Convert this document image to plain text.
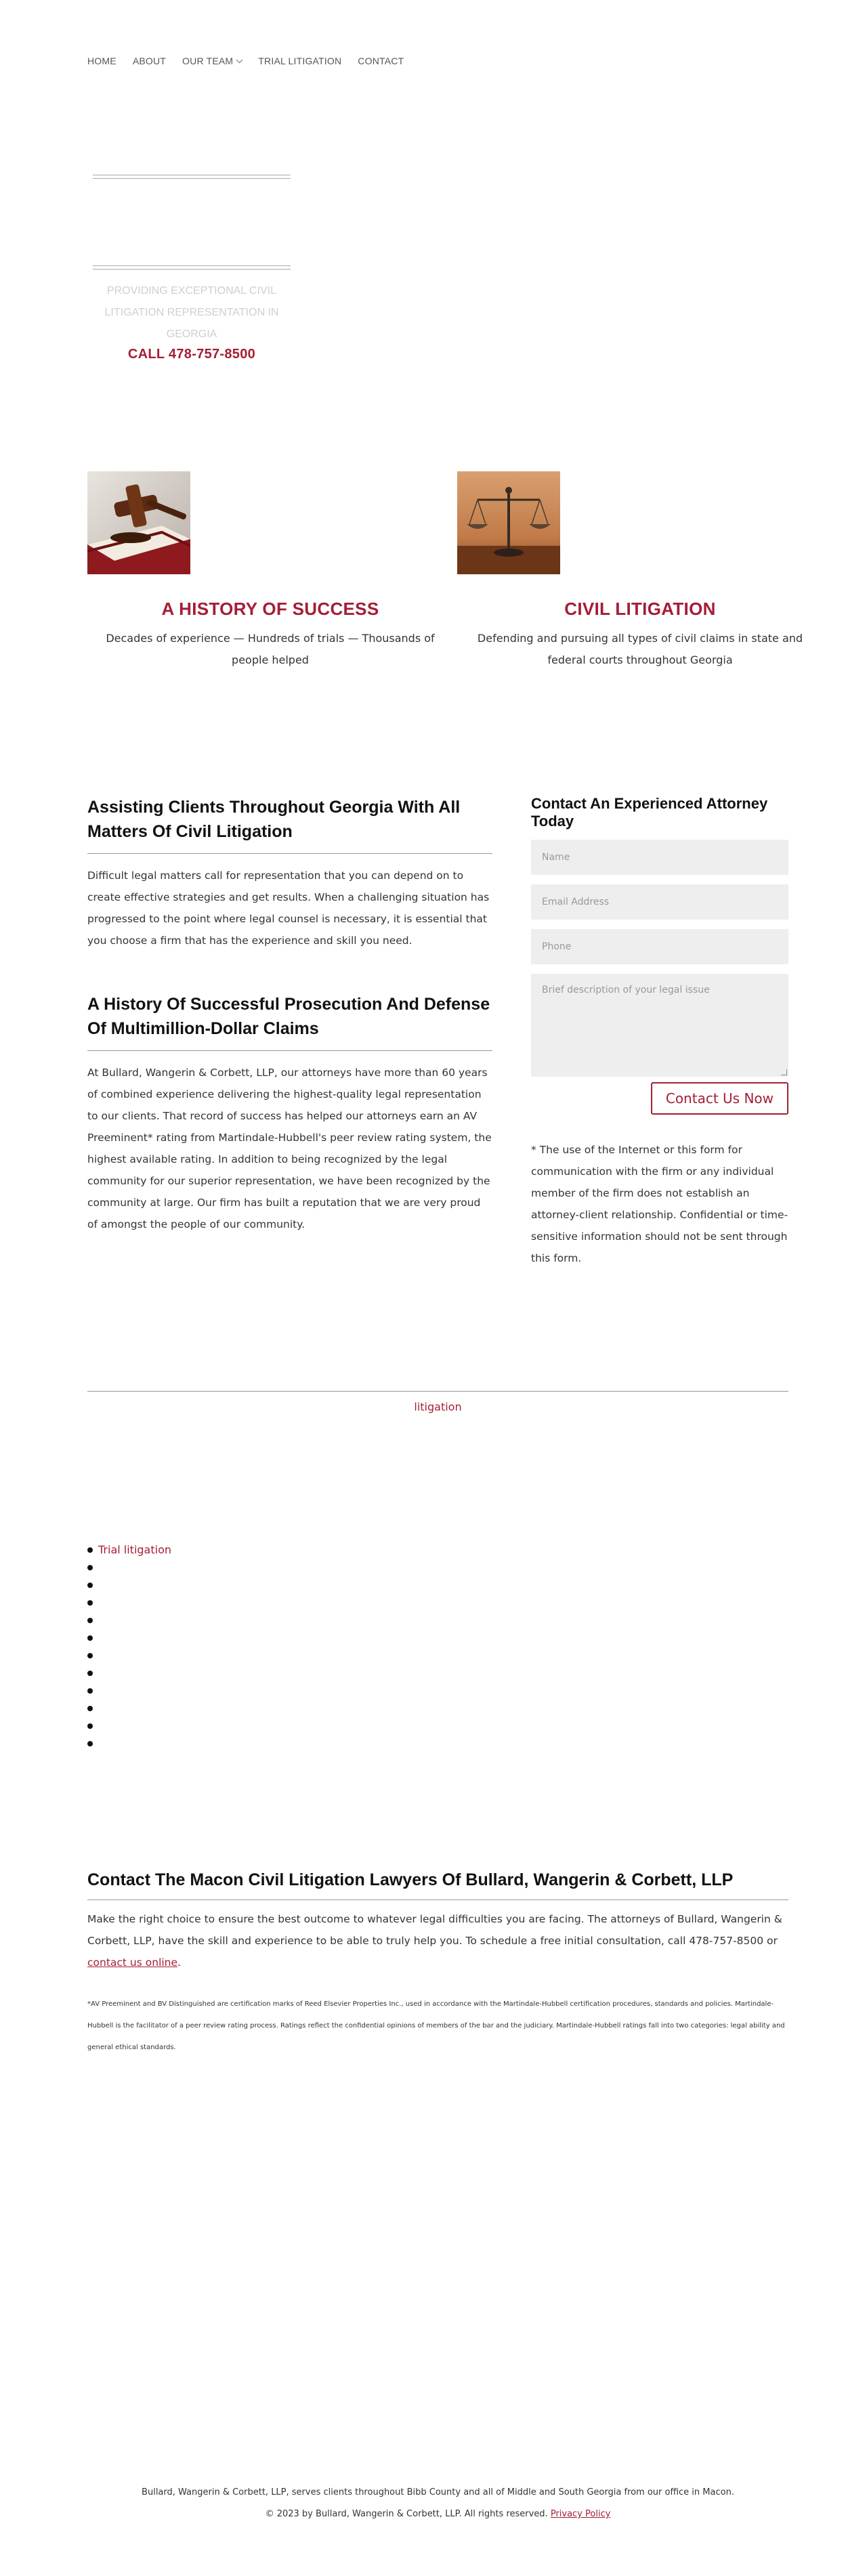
HOME ABOUT OUR TEAM	TRIAL LITIGATION CONTACT
PROVIDING EXCEPTIONAL CIVIL LITIGATION REPRESENTATION IN GEORGIA
CALL 478-757-8500
A HISTORY OF SUCCESS

Decades of experience — Hundreds of trials — Thousands of people helped

CIVIL LITIGATION

Defending and pursuing all types of civil claims in state and federal courts throughout Georgia

Assisting Clients Throughout Georgia With All Matters Of Civil Litigation

Difficult legal matters call for representation that you can depend on to create effective strategies and get results. When a challenging situation has progressed to the point where legal counsel is necessary, it is essential that you choose a firm that has the experience and skill you need.

A History Of Successful Prosecution And Defense Of Multimillion-Dollar Claims

At Bullard, Wangerin & Corbett, LLP, our attorneys have more than 60 years of combined experience delivering the highest-quality legal representation to our clients. That record of success has helped our attorneys earn an AV Preeminent* rating from Martindale-Hubbell's peer review rating system, the highest available rating. In addition to being recognized by the legal community for our superior representation, we have been recognized by the community at large. Our firm has built a reputation that we are very proud of amongst the people of our community.

Contact An Experienced Attorney Today
Name
Email Address
Phone
Brief description of your legal issue
Contact Us Now

* The use of the Internet or this form for communication with the firm or any individual member of the firm does not establish an attorney-client relationship. Confidential or time-sensitive information should not be sent through this form.

litigation
Trial litigation
Contact The Macon Civil Litigation Lawyers Of Bullard, Wangerin & Corbett, LLP

Make the right choice to ensure the best outcome to whatever legal difficulties you are facing. The attorneys of Bullard, Wangerin & Corbett, LLP, have the skill and experience to be able to truly help you. To schedule a free initial consultation, call 478-757-8500 or contact us online.

*AV Preeminent and BV Distinguished are certification marks of Reed Elsevier Properties Inc., used in accordance with the Martindale-Hubbell certification procedures, standards and policies. Martindale-Hubbell is the facilitator of a peer review rating process. Ratings reflect the confidential opinions of members of the bar and the judiciary. Martindale-Hubbell ratings fall into two categories: legal ability and general ethical standards.

Bullard, Wangerin & Corbett, LLP, serves clients throughout Bibb County and all of Middle and South Georgia from our office in Macon.
© 2023 by Bullard, Wangerin & Corbett, LLP. All rights reserved. Privacy Policy
